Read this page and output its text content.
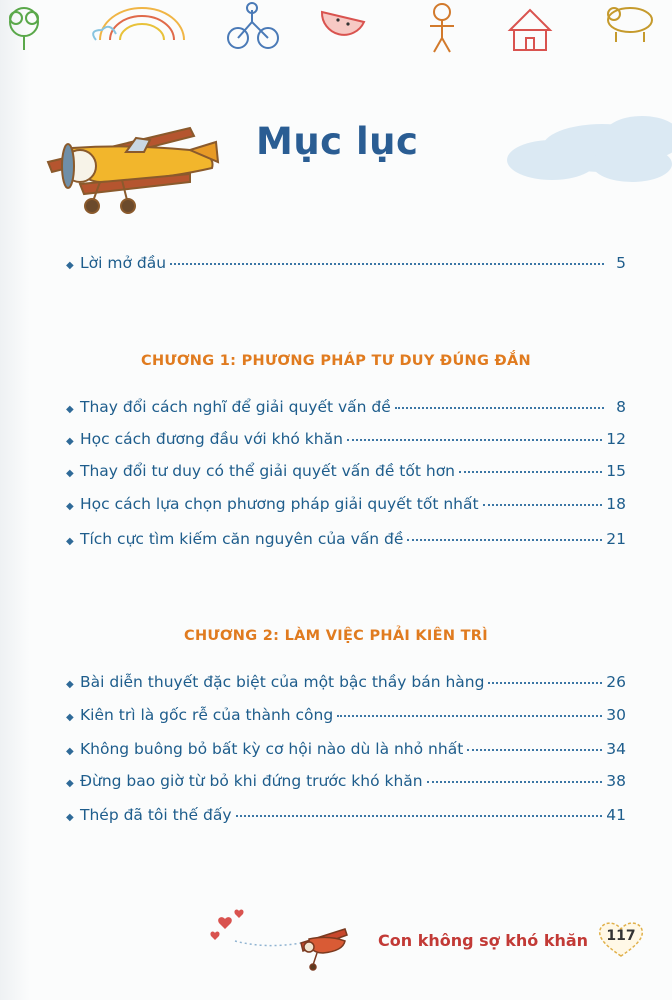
Mục lục
◆ Lời mở đầu	5
CHƯƠNG 1: PHƯƠNG PHÁP TƯ DUY ĐÚNG ĐẮN
◆ Thay đổi cách nghĩ để giải quyết vấn đề	8
◆ Học cách đương đầu với khó khăn	12
◆ Thay đổi tư duy có thể giải quyết vấn đề tốt hơn	15
◆ Học cách lựa chọn phương pháp giải quyết tốt nhất	18
◆ Tích cực tìm kiếm căn nguyên của vấn đề	21
CHƯƠNG 2: LÀM VIỆC PHẢI KIÊN TRÌ
◆ Bài diễn thuyết đặc biệt của một bậc thầy bán hàng	26
◆ Kiên trì là gốc rễ của thành công	30
◆ Không buông bỏ bất kỳ cơ hội nào dù là nhỏ nhất	34
◆ Đừng bao giờ từ bỏ khi đứng trước khó khăn	38
◆ Thép đã tôi thế đấy	41
Con không sợ khó khăn	117
